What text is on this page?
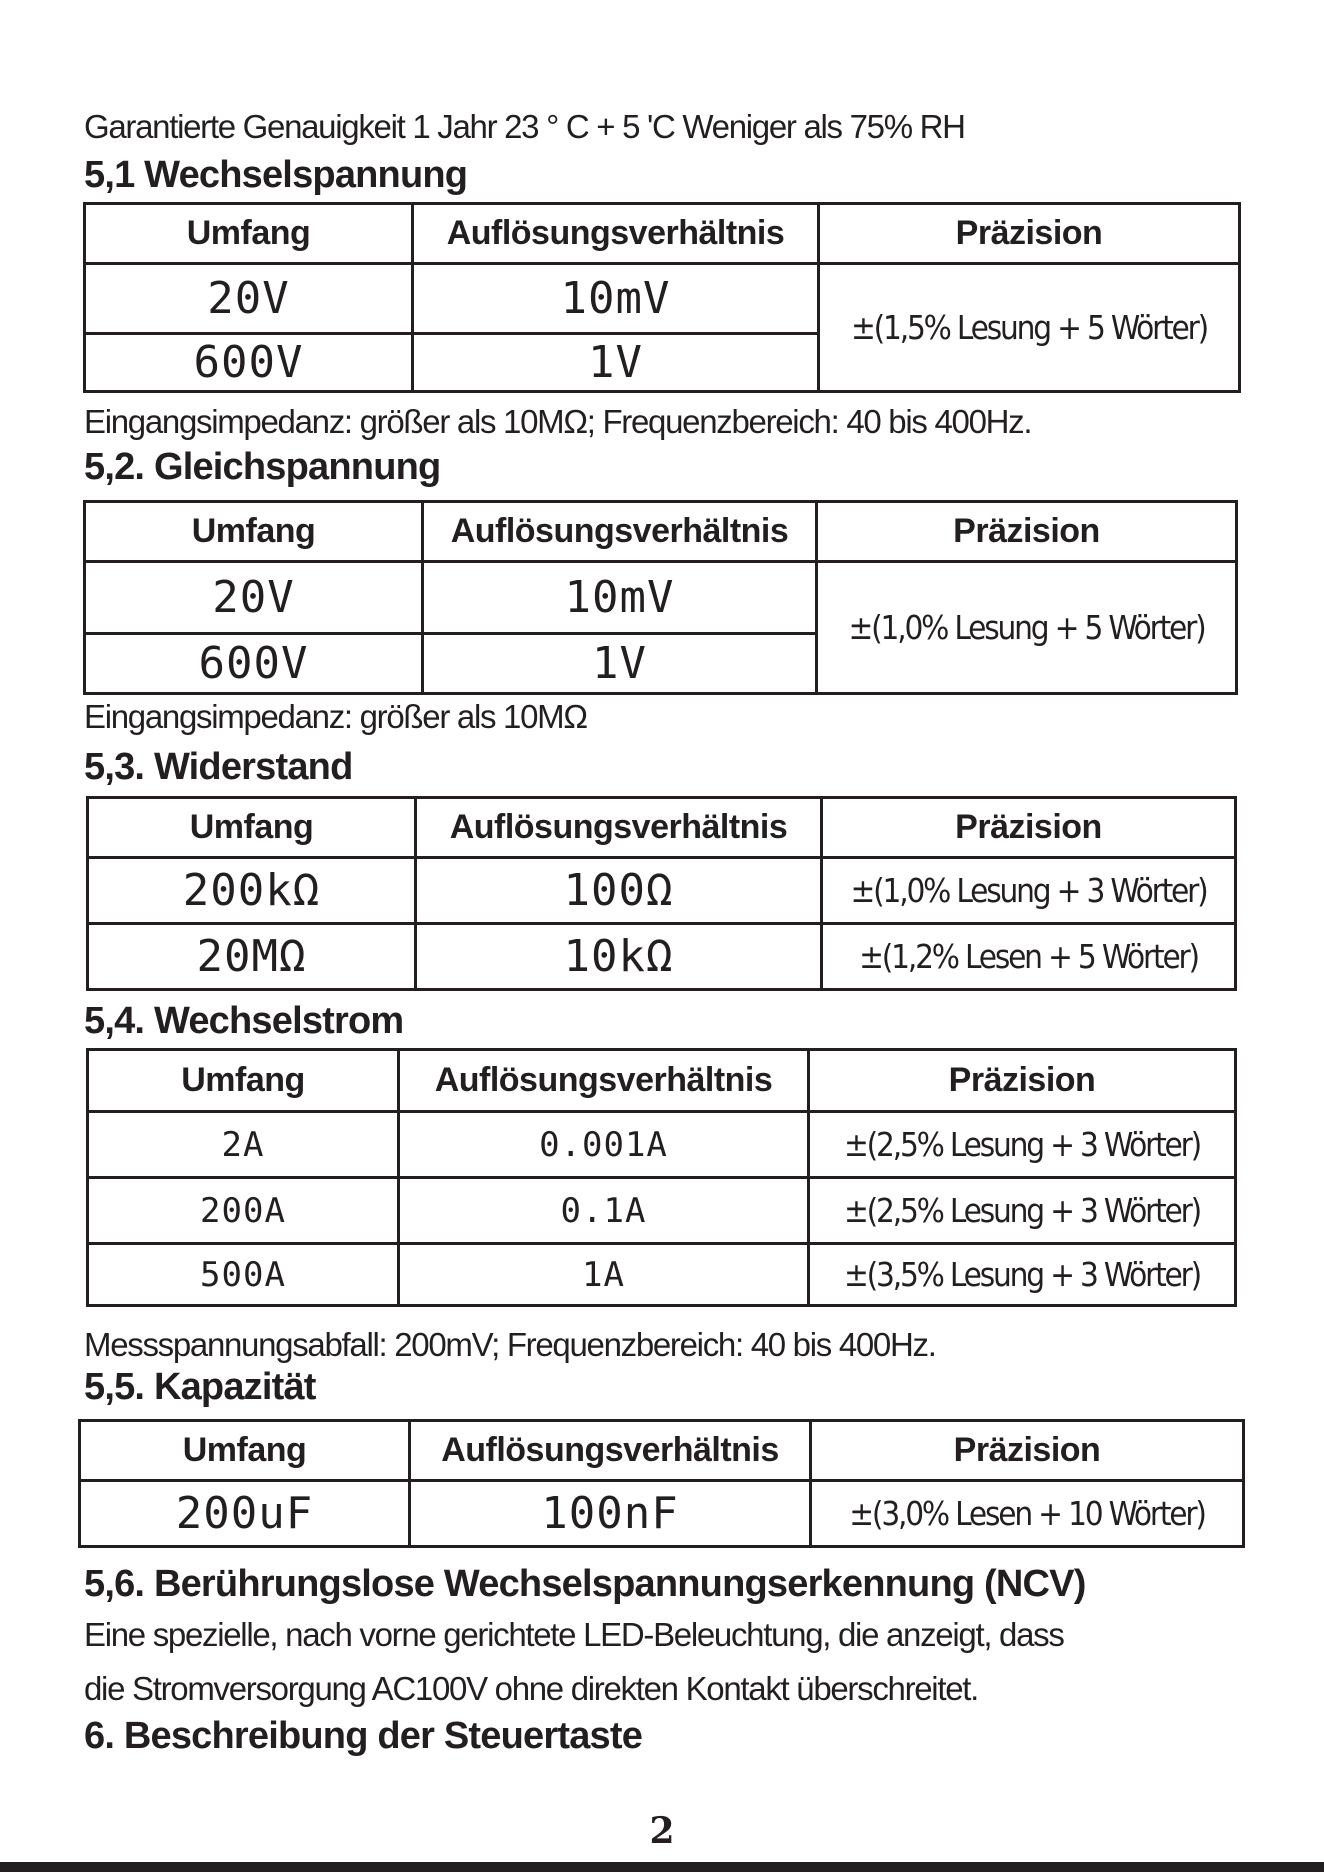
Garantierte Genauigkeit 1 Jahr 23 ° C + 5 'C Weniger als 75% RH
5,1 Wechselspannung
Umfang	Auflösungsverhältnis	Präzision
20V	10mV	±(1,5% Lesung + 5 Wörter)
600V	1V	
Eingangsimpedanz: größer als 10MΩ; Frequenzbereich: 40 bis 400Hz.
5,2. Gleichspannung
Umfang	Auflösungsverhältnis	Präzision
20V	10mV	±(1,0% Lesung + 5 Wörter)
600V	1V	
Eingangsimpedanz: größer als 10MΩ
5,3. Widerstand
Umfang	Auflösungsverhältnis	Präzision
200kΩ	100Ω	±(1,0% Lesung + 3 Wörter)
20MΩ	10kΩ	±(1,2% Lesen + 5 Wörter)
5,4. Wechselstrom
Umfang	Auflösungsverhältnis	Präzision
2A	0.001A	±(2,5% Lesung + 3 Wörter)
200A	0.1A	±(2,5% Lesung + 3 Wörter)
500A	1A	±(3,5% Lesung + 3 Wörter)
Messspannungsabfall: 200mV; Frequenzbereich: 40 bis 400Hz.
5,5. Kapazität
Umfang	Auflösungsverhältnis	Präzision
200uF	100nF	±(3,0% Lesen + 10 Wörter)
5,6. Berührungslose Wechselspannungserkennung (NCV)
Eine spezielle, nach vorne gerichtete LED-Beleuchtung, die anzeigt, dass
die Stromversorgung AC100V ohne direkten Kontakt überschreitet.
6. Beschreibung der Steuertaste
2
